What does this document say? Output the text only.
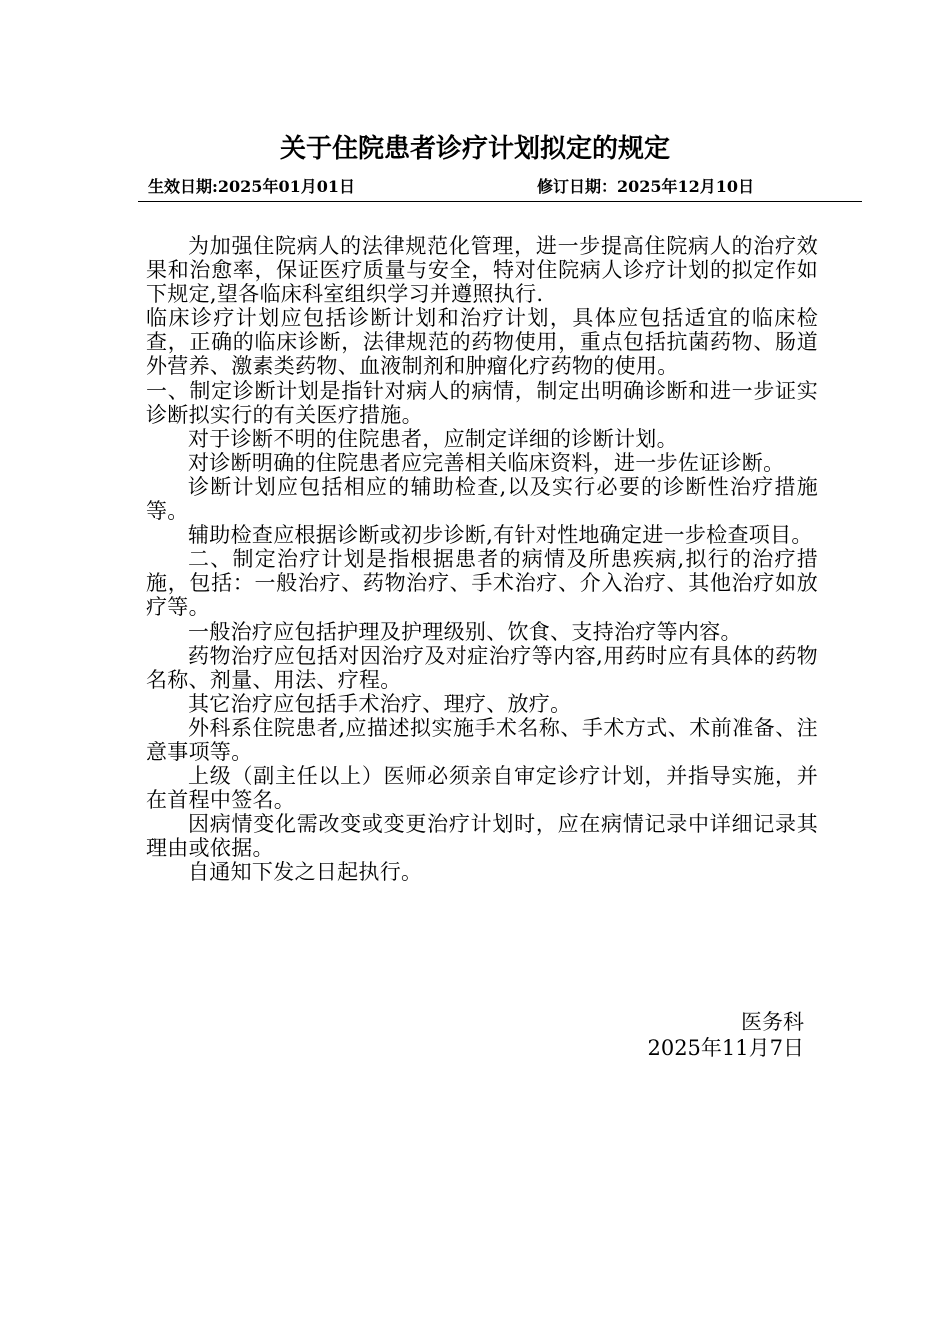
关于住院患者诊疗计划拟定的规定
生效日期:2025年01月01日	修订日期：2025年12月10日

为加强住院病人的法律规范化管理，进一步提高住院病人的治疗效果和治愈率，保证医疗质量与安全，特对住院病人诊疗计划的拟定作如下规定,望各临床科室组织学习并遵照执行.

临床诊疗计划应包括诊断计划和治疗计划，具体应包括适宜的临床检查，正确的临床诊断，法律规范的药物使用，重点包括抗菌药物、肠道外营养、激素类药物、血液制剂和肿瘤化疗药物的使用。

一、制定诊断计划是指针对病人的病情，制定出明确诊断和进一步证实诊断拟实行的有关医疗措施。

对于诊断不明的住院患者，应制定详细的诊断计划。

对诊断明确的住院患者应完善相关临床资料，进一步佐证诊断。

诊断计划应包括相应的辅助检查,以及实行必要的诊断性治疗措施等。

辅助检查应根据诊断或初步诊断,有针对性地确定进一步检查项目。

二、制定治疗计划是指根据患者的病情及所患疾病,拟行的治疗措施，包括：一般治疗、药物治疗、手术治疗、介入治疗、其他治疗如放疗等。

一般治疗应包括护理及护理级别、饮食、支持治疗等内容。

药物治疗应包括对因治疗及对症治疗等内容,用药时应有具体的药物名称、剂量、用法、疗程。

其它治疗应包括手术治疗、理疗、放疗。

外科系住院患者,应描述拟实施手术名称、手术方式、术前准备、注意事项等。

上级（副主任以上）医师必须亲自审定诊疗计划，并指导实施，并在首程中签名。

因病情变化需改变或变更治疗计划时，应在病情记录中详细记录其理由或依据。

自通知下发之日起执行。

医务科
2025年11月7日
